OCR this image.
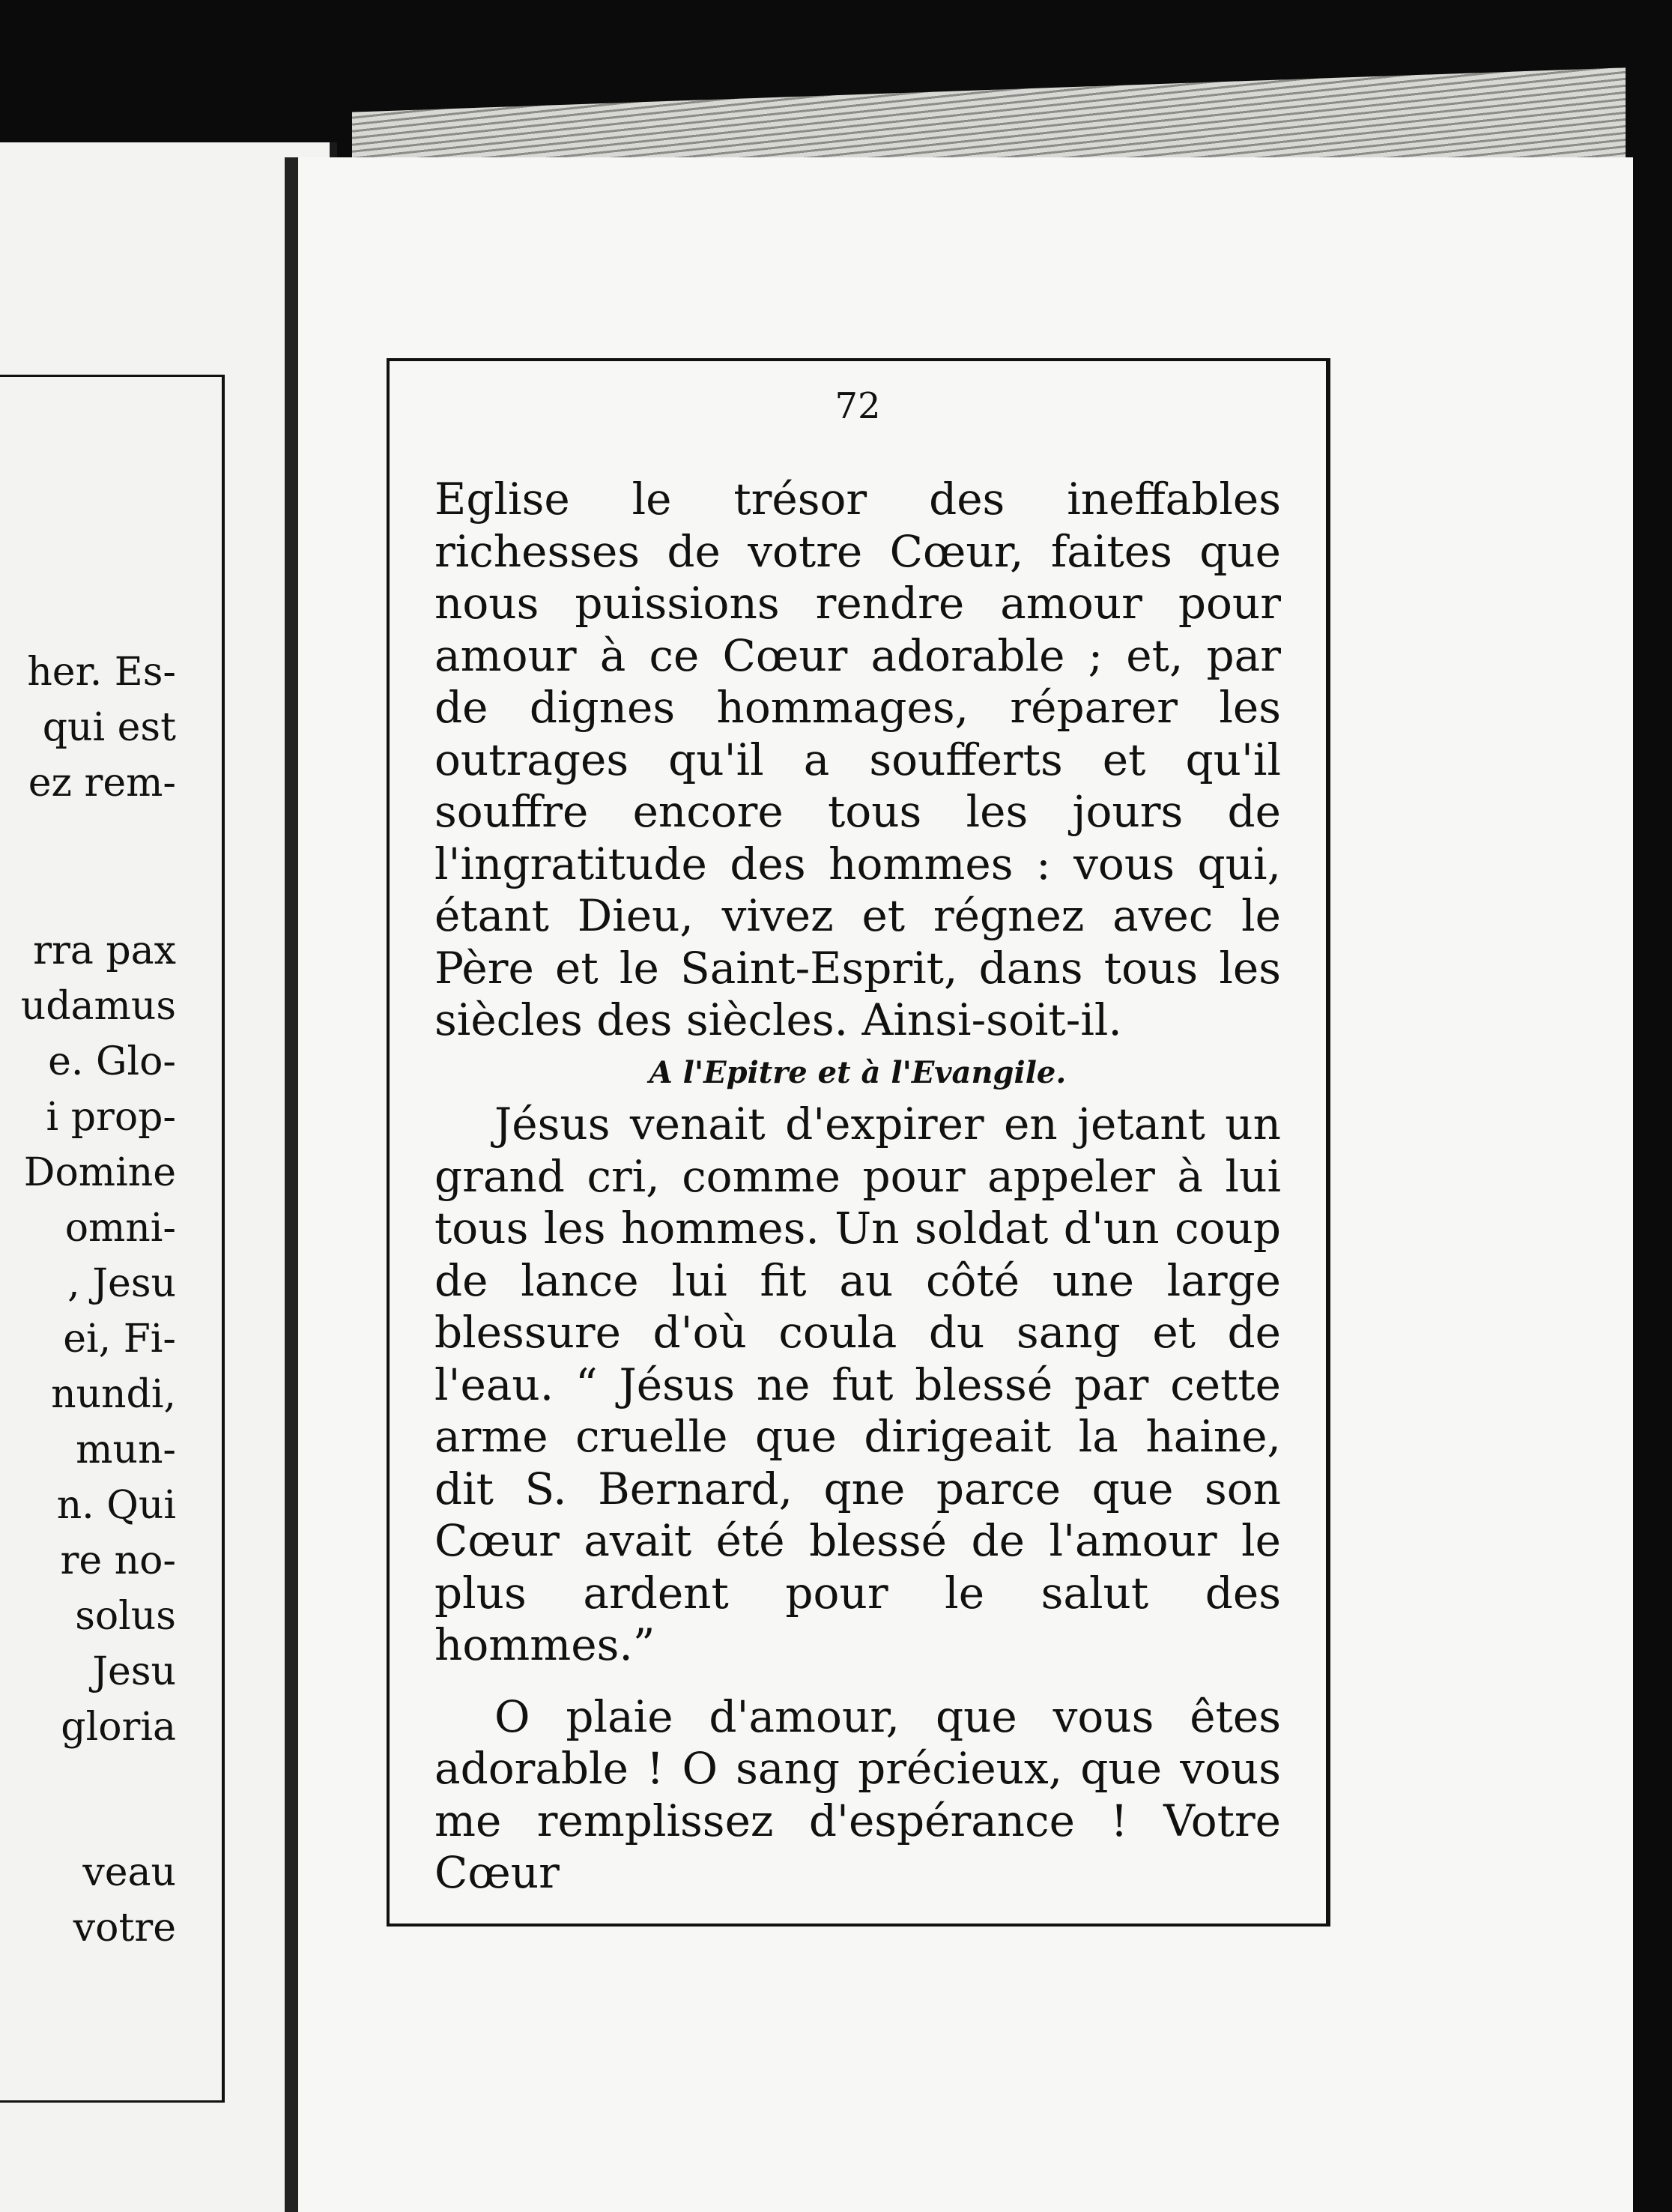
her. Es-
qui est
ez rem-
rra pax
udamus
e. Glo-
i prop-
Domine
omni-
, Jesu
ei, Fi-
nundi,
mun-
n. Qui
re no-
solus
Jesu
gloria
veau
votre
72

Eglise le trésor des ineffables richesses de votre Cœur, faites que nous puissions rendre amour pour amour à ce Cœur adorable ; et, par de dignes hommages, réparer les outrages qu'il a soufferts et qu'il souffre encore tous les jours de l'ingratitude des hommes : vous qui, étant Dieu, vivez et régnez avec le Père et le Saint-Esprit, dans tous les siècles des siècles. Ainsi-soit-il.

A l'Epitre et à l'Evangile.

Jésus venait d'expirer en jetant un grand cri, comme pour appeler à lui tous les hommes. Un soldat d'un coup de lance lui fit au côté une large blessure d'où coula du sang et de l'eau. “ Jésus ne fut blessé par cette arme cruelle que dirigeait la haine, dit S. Bernard, qne parce que son Cœur avait été blessé de l'amour le plus ardent pour le salut des hommes.”

O plaie d'amour, que vous êtes adorable ! O sang précieux, que vous me remplissez d'espérance ! Votre Cœur
